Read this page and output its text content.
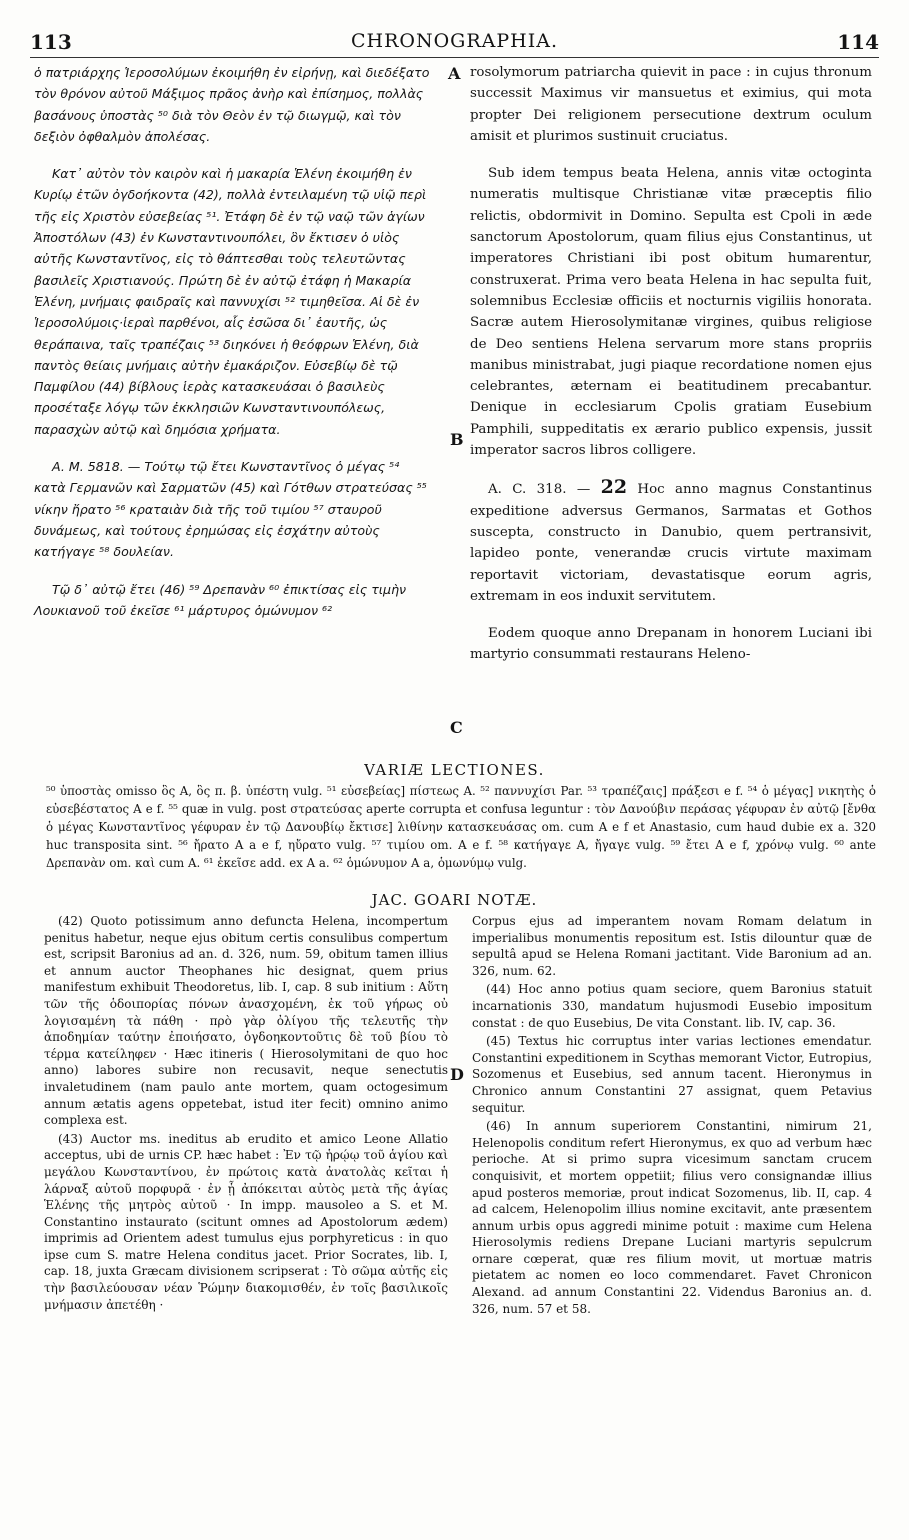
113	CHRONOGRAPHIA.	114

ὁ πατριάρχης Ἱεροσολύμων ἐκοιμήθη ἐν εἰρήνῃ, καὶ διεδέξατο τὸν θρόνον αὐτοῦ Μάξιμος πρᾶος ἀνὴρ καὶ ἐπίσημος, πολλὰς βασάνους ὑποστὰς ⁵⁰ διὰ τὸν Θεὸν ἐν τῷ διωγμῷ, καὶ τὸν δεξιὸν ὀφθαλμὸν ἀπολέσας.

Κατ᾽ αὐτὸν τὸν καιρὸν καὶ ἡ μακαρία Ἑλένη ἐκοιμήθη ἐν Κυρίῳ ἐτῶν ὀγδοήκοντα (42), πολλὰ ἐντειλαμένη τῷ υἱῷ περὶ τῆς εἰς Χριστὸν εὐσεβείας ⁵¹. Ἐτάφη δὲ ἐν τῷ ναῷ τῶν ἁγίων Ἀποστόλων (43) ἐν Κωνσταντινουπόλει, ὃν ἔκτισεν ὁ υἱὸς αὐτῆς Κωνσταντῖνος, εἰς τὸ θάπτεσθαι τοὺς τελευτῶντας βασιλεῖς Χριστιανούς. Πρώτη δὲ ἐν αὐτῷ ἐτάφη ἡ Μακαρία Ἑλένη, μνήμαις φαιδραῖς καὶ παννυχίσι ⁵² τιμηθεῖσα. Αἱ δὲ ἐν Ἱεροσολύμοις·ἱεραὶ παρθένοι, αἷς ἐσῶσα δι᾽ ἑαυτῆς, ὡς θεράπαινα, ταῖς τραπέζαις ⁵³ διηκόνει ἡ θεόφρων Ἑλένη, διὰ παντὸς θείαις μνήμαις αὐτὴν ἐμακάριζον. Εὐσεβίῳ δὲ τῷ Παμφίλου (44) βίβλους ἱερὰς κατασκευάσαι ὁ βασιλεὺς προσέταξε λόγῳ τῶν ἐκκλησιῶν Κωνσταντινουπόλεως, παρασχὼν αὐτῷ καὶ δημόσια χρήματα.

A. M. 5818. — Τούτῳ τῷ ἔτει Κωνσταντῖνος ὁ μέγας ⁵⁴ κατὰ Γερμανῶν καὶ Σαρματῶν (45) καὶ Γότθων στρατεύσας ⁵⁵ νίκην ἤρατο ⁵⁶ κραταιὰν διὰ τῆς τοῦ τιμίου ⁵⁷ σταυροῦ δυνάμεως, καὶ τούτους ἐρημώσας εἰς ἐσχάτην αὐτοὺς κατήγαγε ⁵⁸ δουλείαν.

Τῷ δ᾽ αὐτῷ ἔτει (46) ⁵⁹ Δρεπανὰν ⁶⁰ ἐπικτίσας εἰς τιμὴν Λουκιανοῦ τοῦ ἐκεῖσε ⁶¹ μάρτυρος ὁμώνυμον ⁶²

A
B
C
D

rosolymorum patriarcha quievit in pace : in cujus thronum successit Maximus vir mansuetus et eximius, qui mota propter Dei religionem persecutione dextrum oculum amisit et plurimos sustinuit cruciatus.

Sub idem tempus beata Helena, annis vitæ octoginta numeratis multisque Christianæ vitæ præceptis filio relictis, obdormivit in Domino. Sepulta est Cpoli in æde sanctorum Apostolorum, quam filius ejus Constantinus, ut imperatores Christiani ibi post obitum humarentur, construxerat. Prima vero beata Helena in hac sepulta fuit, solemnibus Ecclesiæ officiis et nocturnis vigiliis honorata. Sacræ autem Hierosolymitanæ virgines, quibus religiose de Deo sentiens Helena servarum more stans propriis manibus ministrabat, jugi piaque recordatione nomen ejus celebrantes, æternam ei beatitudinem precabantur. Denique in ecclesiarum Cpolis gratiam Eusebium Pamphili, suppeditatis ex ærario publico expensis, jussit imperator sacros libros colligere.

A. C. 318. — 22 Hoc anno magnus Constantinus expeditione adversus Germanos, Sarmatas et Gothos suscepta, constructo in Danubio, quem pertransivit, lapideo ponte, venerandæ crucis virtute maximam reportavit victoriam, devastatisque eorum agris, extremam in eos induxit servitutem.

Eodem quoque anno Drepanam in honorem Luciani ibi martyrio consummati restaurans Heleno-

VARIÆ LECTIONES.
⁵⁰ ὑποστὰς omisso ὃς A, ὃς π. β. ὑπέστη vulg. ⁵¹ εὐσεβείας] πίστεως A. ⁵² παννυχίσι Par. ⁵³ τραπέζαις] πράξεσι e f. ⁵⁴ ὁ μέγας] νικητὴς ὁ εὐσεβέστατος A e f. ⁵⁵ quæ in vulg. post στρατεύσας aperte corrupta et confusa leguntur : τὸν Δανούβιν περάσας γέφυραν ἐν αὐτῷ [ἔνθα ὁ μέγας Κωνσταντῖνος γέφυραν ἐν τῷ Δανουβίῳ ἔκτισε] λιθίνην κατασκευάσας om. cum A e f et Anastasio, cum haud dubie ex a. 320 huc transposita sint. ⁵⁶ ἤρατο A a e f, ηὔρατο vulg. ⁵⁷ τιμίου om. A e f. ⁵⁸ κατήγαγε A, ἤγαγε vulg. ⁵⁹ ἔτει A e f, χρόνῳ vulg. ⁶⁰ ante Δρεπανὰν om. καὶ cum A. ⁶¹ ἐκεῖσε add. ex A a. ⁶² ὁμώνυμον A a, ὁμωνύμῳ vulg.
JAC. GOARI NOTÆ.

(42) Quoto potissimum anno defuncta Helena, incompertum penitus habetur, neque ejus obitum certis consulibus compertum est, scripsit Baronius ad an. d. 326, num. 59, obitum tamen illius et annum auctor Theophanes hic designat, quem prius manifestum exhibuit Theodoretus, lib. I, cap. 8 sub initium : Αὕτη τῶν τῆς ὁδοιπορίας πόνων ἀνασχομένη, ἐκ τοῦ γήρως οὐ λογισαμένη τὰ πάθη · πρὸ γὰρ ὀλίγου τῆς τελευτῆς τὴν ἀποδημίαν ταύτην ἐποιήσατο, ὀγδοηκοντοῦτις δὲ τοῦ βίου τὸ τέρμα κατείληφεν · Hæc itineris ( Hierosolymitani de quo hoc anno) labores subire non recusavit, neque senectutis invaletudinem (nam paulo ante mortem, quam octogesimum annum ætatis agens oppetebat, istud iter fecit) omnino animo complexa est.

(43) Auctor ms. ineditus ab erudito et amico Leone Allatio acceptus, ubi de urnis CP. hæc habet : Ἐν τῷ ἡρῴῳ τοῦ ἁγίου καὶ μεγάλου Κωνσταντίνου, ἐν πρώτοις κατὰ ἀνατολὰς κεῖται ἡ λάρναξ αὐτοῦ πορφυρᾶ · ἐν ᾗ ἀπόκειται αὐτὸς μετὰ τῆς ἁγίας Ἑλένης τῆς μητρὸς αὐτοῦ · In impp. mausoleo a S. et M. Constantino instaurato (scitunt omnes ad Apostolorum ædem) imprimis ad Orientem adest tumulus ejus porphyreticus : in quo ipse cum S. matre Helena conditus jacet. Prior Socrates, lib. I, cap. 18, juxta Græcam divisionem scripserat : Τὸ σῶμα αὐτῆς εἰς τὴν βασιλεύουσαν νέαν Ῥώμην διακομισθέν, ἐν τοῖς βασιλικοῖς μνήμασιν ἀπετέθη ·

Corpus ejus ad imperantem novam Romam delatum in imperialibus monumentis repositum est. Istis dilountur quæ de sepultâ apud se Helena Romani jactitant. Vide Baronium ad an. 326, num. 62.

(44) Hoc anno potius quam seciore, quem Baronius statuit incarnationis 330, mandatum hujusmodi Eusebio impositum constat : de quo Eusebius, De vita Constant. lib. IV, cap. 36.

(45) Textus hic corruptus inter varias lectiones emendatur. Constantini expeditionem in Scythas memorant Victor, Eutropius, Sozomenus et Eusebius, sed annum tacent. Hieronymus in Chronico annum Constantini 27 assignat, quem Petavius sequitur.

(46) In annum superiorem Constantini, nimirum 21, Helenopolis conditum refert Hieronymus, ex quo ad verbum hæc perioche. At si primo supra vicesimum sanctam crucem conquisivit, et mortem oppetiit; filius vero consignandæ illius apud posteros memoriæ, prout indicat Sozomenus, lib. II, cap. 4 ad calcem, Helenopolim illius nomine excitavit, ante præsentem annum urbis opus aggredi minime potuit : maxime cum Helena Hierosolymis rediens Drepane Luciani martyris sepulcrum ornare cœperat, quæ res filium movit, ut mortuæ matris pietatem ac nomen eo loco commendaret. Favet Chronicon Alexand. ad annum Constantini 22. Videndus Baronius an. d. 326, num. 57 et 58.
